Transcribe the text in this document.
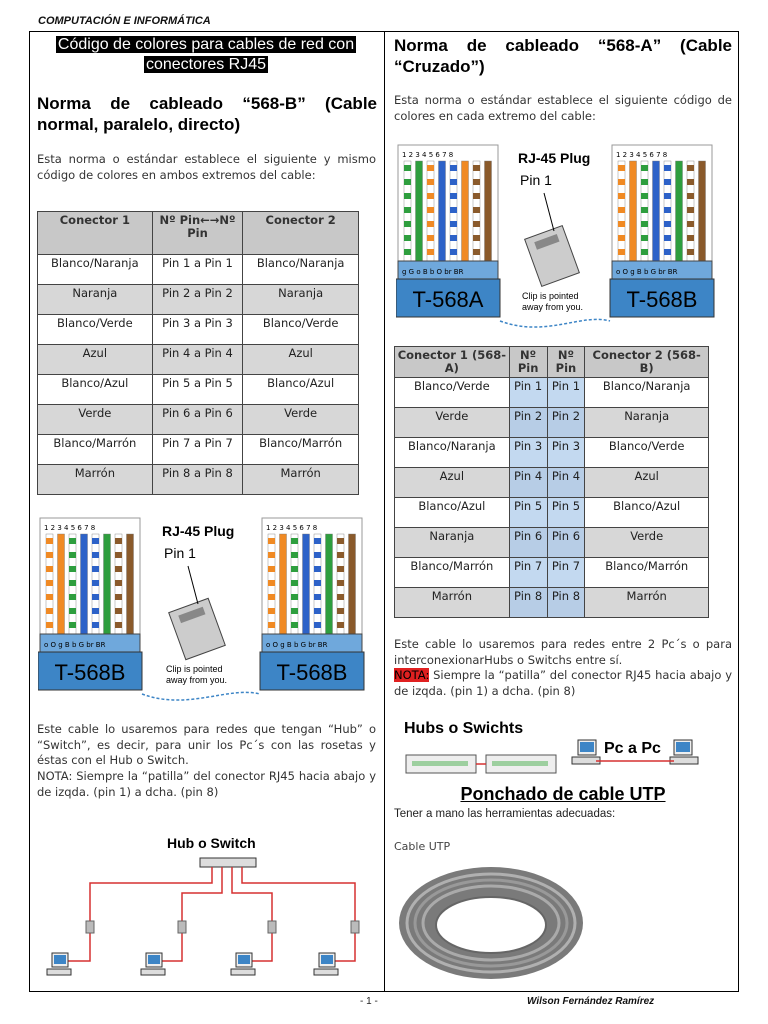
COMPUTACIÓN E INFORMÁTICA
Código de colores para cables de red con
conectores RJ45
Norma de cableado “568-B” (Cable normal, paralelo, directo)
Esta norma o estándar establece el siguiente y mismo código de colores en ambos extremos del cable:
Conector 1	Nº Pin←→Nº Pin	Conector 2
Blanco/Naranja	Pin 1 a Pin 1	Blanco/Naranja
Naranja	Pin 2 a Pin 2	Naranja
Blanco/Verde	Pin 3 a Pin 3	Blanco/Verde
Azul	Pin 4 a Pin 4	Azul
Blanco/Azul	Pin 5 a Pin 5	Blanco/Azul
Verde	Pin 6 a Pin 6	Verde
Blanco/Marrón	Pin 7 a Pin 7	Blanco/Marrón
Marrón	Pin 8 a Pin 8	Marrón
o O g B b G br BR
T-568B
1 2 3 4 5 6 7 8
o O g B b G br BR
T-568B
1 2 3 4 5 6 7 8
RJ-45 Plug
Pin 1
Clip is pointed
away from you.
Este cable lo usaremos para redes que tengan “Hub” o “Switch”, es decir, para unir los Pc´s con las rosetas y éstas con el Hub o Switch.
NOTA: Siempre la “patilla” del conector RJ45 hacia abajo y de izqda. (pin 1) a dcha. (pin 8)
Hub o Switch
Norma de cableado “568-A” (Cable “Cruzado”)
Esta norma o estándar establece el siguiente código de colores en cada extremo del cable:
g G o B b O br BR
T-568A
1 2 3 4 5 6 7 8
o O g B b G br BR
T-568B
1 2 3 4 5 6 7 8
RJ-45 Plug
Pin 1
Clip is pointed
away from you.
Conector 1 (568-A)	Nº Pin	Nº Pin	Conector 2 (568-B)
Blanco/Verde	Pin 1	Pin 1	Blanco/Naranja
Verde	Pin 2	Pin 2	Naranja
Blanco/Naranja	Pin 3	Pin 3	Blanco/Verde
Azul	Pin 4	Pin 4	Azul
Blanco/Azul	Pin 5	Pin 5	Blanco/Azul
Naranja	Pin 6	Pin 6	Verde
Blanco/Marrón	Pin 7	Pin 7	Blanco/Marrón
Marrón	Pin 8	Pin 8	Marrón
Este cable lo usaremos para redes entre 2 Pc´s o para interconexionarHubs o Switchs entre sí.
NOTA: Siempre la “patilla” del conector RJ45 hacia abajo y de izqda. (pin 1) a dcha. (pin 8)
Hubs o Swichts
Pc a Pc
Ponchado de cable UTP
Tener a mano las herramientas adecuadas:
Cable UTP
- 1 -	Wilson Fernández Ramírez
